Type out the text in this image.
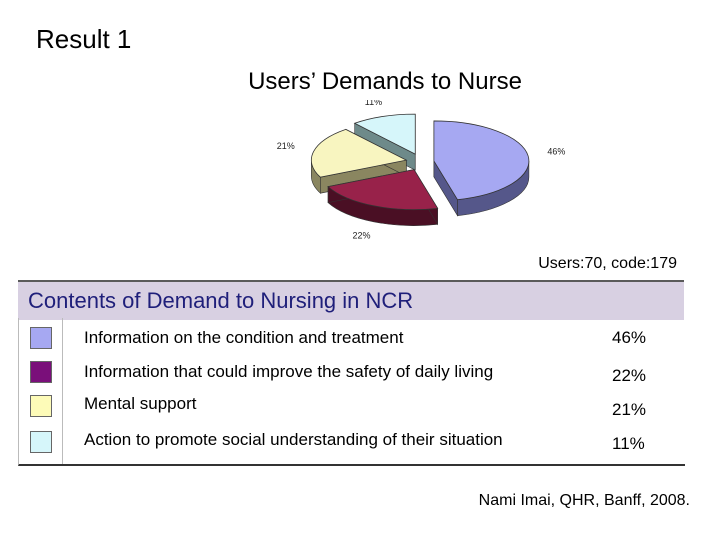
Result 1
Users’ Demands to Nurse
46%
22%
21%
11%
Users:70, code:179
Contents of Demand to Nursing in NCR
Information on the condition and treatment	46%
Information that could improve the safety of daily living	22%
Mental support	21%
Action to promote social understanding of their situation	11%
Nami Imai, QHR, Banff, 2008.
